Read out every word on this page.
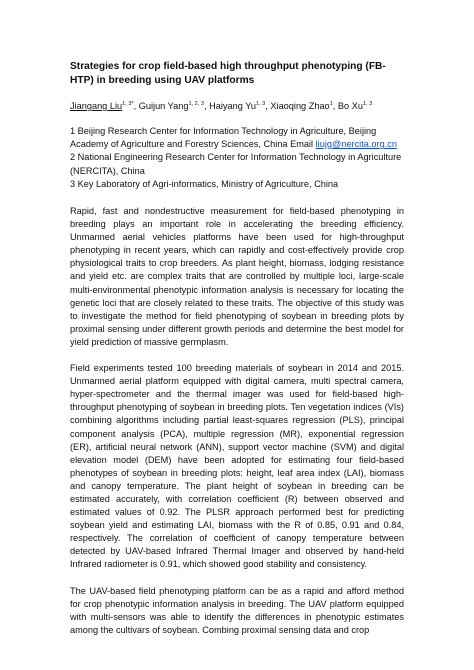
Strategies for crop field-based high throughput phenotyping (FB-HTP) in breeding using UAV platforms
Jiangang Liu$^{1, 3*}$, Guijun Yang$^{1, 2, 3}$, Haiyang Yu$^{1, 3}$, Xiaoqing Zhao$^1$, Bo Xu$^{1, 3}$

1 Beijing Research Center for Information Technology in Agriculture, Beijing Academy of Agriculture and Forestry Sciences, China Email liujg@nercita.org.cn

2 National Engineering Research Center for Information Technology in Agriculture (NERCITA), China

3 Key Laboratory of Agri-informatics, Ministry of Agriculture, China

Rapid, fast and nondestructive measurement for field-based phenotyping in breeding plays an important role in accelerating the breeding efficiency. Unmanned aerial vehicles platforms have been used for high-throughput phenotyping in recent years, which can rapidly and cost-effectively provide crop physiological traits to crop breeders. As plant height, biomass, lodging resistance and yield etc. are complex traits that are controlled by multiple loci, large-scale multi-environmental phenotypic information analysis is necessary for locating the genetic loci that are closely related to these traits. The objective of this study was to investigate the method for field phenotyping of soybean in breeding plots by proximal sensing under different growth periods and determine the best model for yield prediction of massive germplasm.

Field experiments tested 100 breeding materials of soybean in 2014 and 2015. Unmanned aerial platform equipped with digital camera, multi spectral camera, hyper-spectrometer and the thermal imager was used for field-based high-throughput phenotyping of soybean in breeding plots. Ten vegetation indices (VIs) combining algorithms including partial least-squares regression (PLS), principal component analysis (PCA), multiple regression (MR), exponential regression (ER), artificial neural network (ANN), support vector machine (SVM) and digital elevation model (DEM) have been adopted for estimating four field-based phenotypes of soybean in breeding plots: height, leaf area index (LAI), biomass and canopy temperature. The plant height of soybean in breeding can be estimated accurately, with correlation coefficient (R) between observed and estimated values of 0.92. The PLSR approach performed best for predicting soybean yield and estimating LAI, biomass with the R of 0.85, 0.91 and 0.84, respectively. The correlation of coefficient of canopy temperature between detected by UAV-based Infrared Thermal Imager and observed by hand-held Infrared radiometer is 0.91, which showed good stability and consistency.

The UAV-based field phenotyping platform can be as a rapid and afford method for crop phenotypic information analysis in breeding. The UAV platform equipped with multi-sensors was able to identify the differences in phenotypic estimates among the cultivars of soybean. Combing proximal sensing data and crop
